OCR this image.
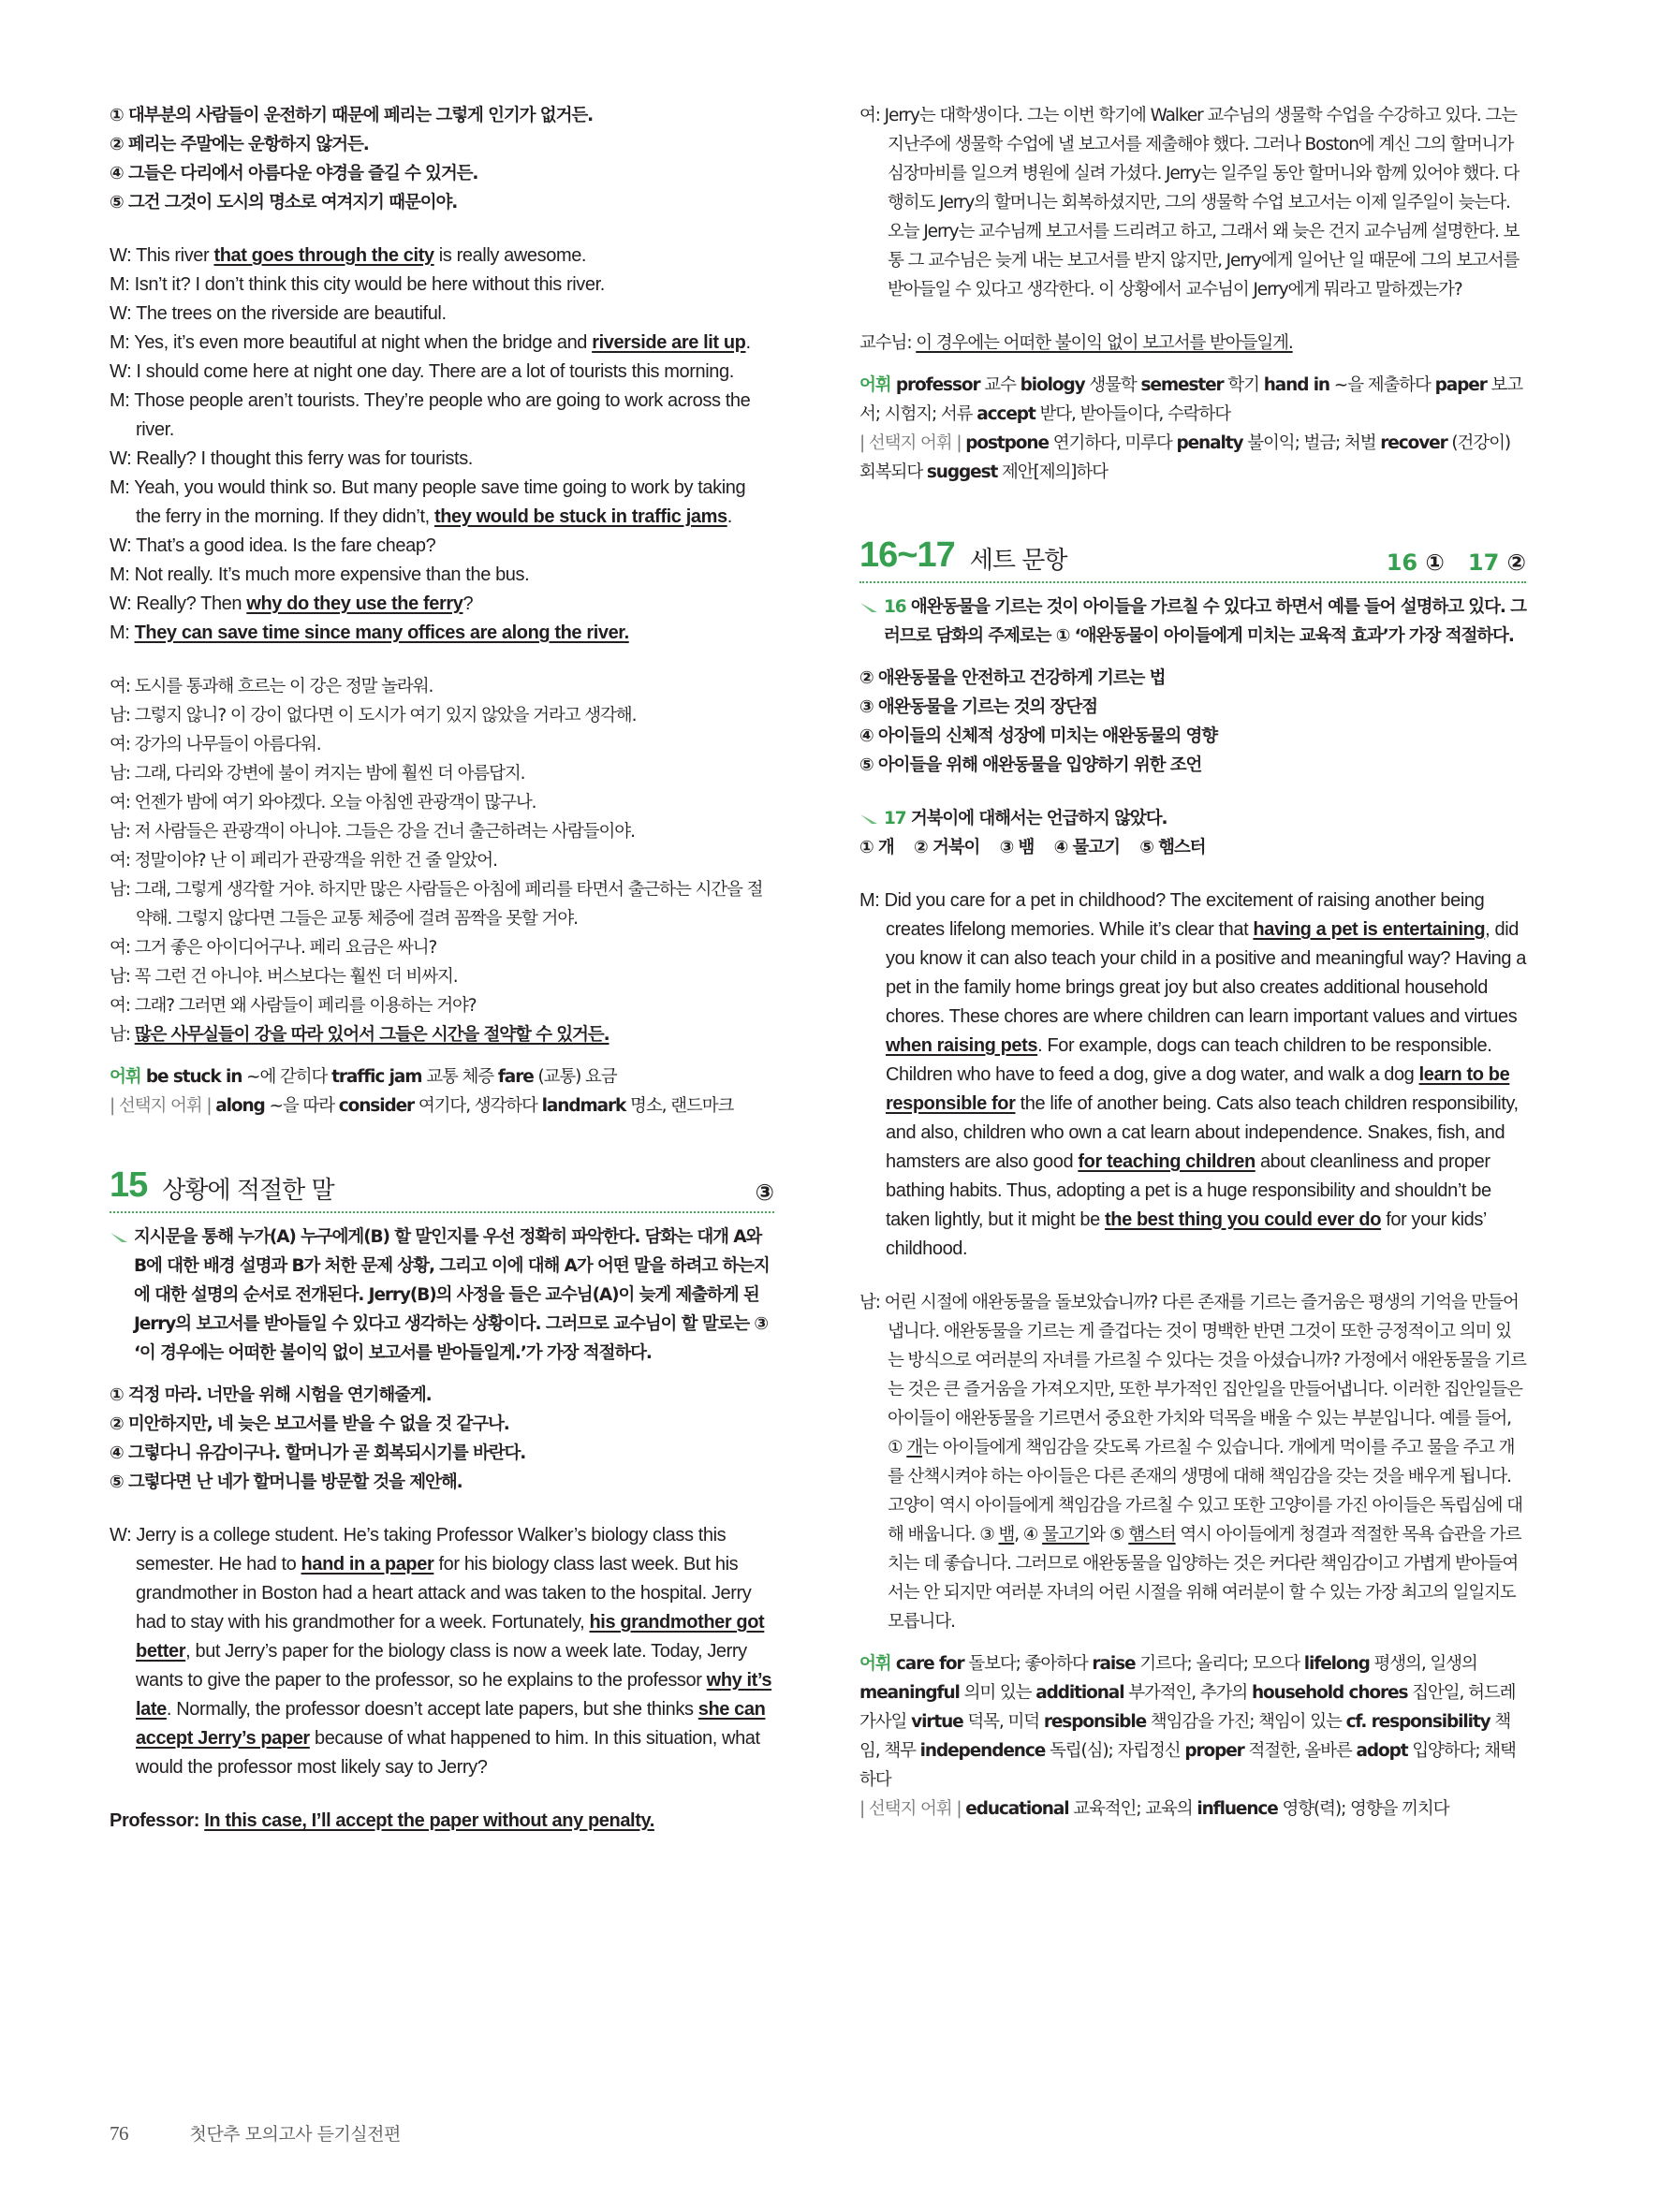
① 대부분의 사람들이 운전하기 때문에 페리는 그렇게 인기가 없거든.
② 페리는 주말에는 운항하지 않거든.
④ 그들은 다리에서 아름다운 야경을 즐길 수 있거든.
⑤ 그건 그것이 도시의 명소로 여겨지기 때문이야.
W: This river that goes through the city is really awesome.
M: Isn’t it? I don’t think this city would be here without this river.
W: The trees on the riverside are beautiful.
M: Yes, it’s even more beautiful at night when the bridge and riverside are lit up.
W: I should come here at night one day. There are a lot of tourists this morning.
M: Those people aren’t tourists. They’re people who are going to work across the river.
W: Really? I thought this ferry was for tourists.
M: Yeah, you would think so. But many people save time going to work by taking the ferry in the morning. If they didn’t, they would be stuck in traffic jams.
W: That’s a good idea. Is the fare cheap?
M: Not really. It’s much more expensive than the bus.
W: Really? Then why do they use the ferry?
M: They can save time since many offices are along the river.
여: 도시를 통과해 흐르는 이 강은 정말 놀라워.
남: 그렇지 않니? 이 강이 없다면 이 도시가 여기 있지 않았을 거라고 생각해.
여: 강가의 나무들이 아름다워.
남: 그래, 다리와 강변에 불이 켜지는 밤에 훨씬 더 아름답지.
여: 언젠가 밤에 여기 와야겠다. 오늘 아침엔 관광객이 많구나.
남: 저 사람들은 관광객이 아니야. 그들은 강을 건너 출근하려는 사람들이야.
여: 정말이야? 난 이 페리가 관광객을 위한 건 줄 알았어.
남: 그래, 그렇게 생각할 거야. 하지만 많은 사람들은 아침에 페리를 타면서 출근하는 시간을 절약해. 그렇지 않다면 그들은 교통 체증에 걸려 꼼짝을 못할 거야.
여: 그거 좋은 아이디어구나. 페리 요금은 싸니?
남: 꼭 그런 건 아니야. 버스보다는 훨씬 더 비싸지.
여: 그래? 그러면 왜 사람들이 페리를 이용하는 거야?
남: 많은 사무실들이 강을 따라 있어서 그들은 시간을 절약할 수 있거든.
어휘 be stuck in ~에 갇히다 traffic jam 교통 체증 fare (교통) 요금
| 선택지 어휘 | along ~을 따라 consider 여기다, 생각하다 landmark 명소, 랜드마크
15 상황에 적절한 말	③
지시문을 통해 누가(A) 누구에게(B) 할 말인지를 우선 정확히 파악한다. 담화는 대개 A와 B에 대한 배경 설명과 B가 처한 문제 상황, 그리고 이에 대해 A가 어떤 말을 하려고 하는지에 대한 설명의 순서로 전개된다. Jerry(B)의 사정을 들은 교수님(A)이 늦게 제출하게 된 Jerry의 보고서를 받아들일 수 있다고 생각하는 상황이다. 그러므로 교수님이 할 말로는 ③ ‘이 경우에는 어떠한 불이익 없이 보고서를 받아들일게.’가 가장 적절하다.
① 걱정 마라. 너만을 위해 시험을 연기해줄게.
② 미안하지만, 네 늦은 보고서를 받을 수 없을 것 같구나.
④ 그렇다니 유감이구나. 할머니가 곧 회복되시기를 바란다.
⑤ 그렇다면 난 네가 할머니를 방문할 것을 제안해.
W: Jerry is a college student. He’s taking Professor Walker’s biology class this semester. He had to hand in a paper for his biology class last week. But his grandmother in Boston had a heart attack and was taken to the hospital. Jerry had to stay with his grandmother for a week. Fortunately, his grandmother got better, but Jerry’s paper for the biology class is now a week late. Today, Jerry wants to give the paper to the professor, so he explains to the professor why it’s late. Normally, the professor doesn’t accept late papers, but she thinks she can accept Jerry’s paper because of what happened to him. In this situation, what would the professor most likely say to Jerry?
Professor: In this case, I’ll accept the paper without any penalty.
여: Jerry는 대학생이다. 그는 이번 학기에 Walker 교수님의 생물학 수업을 수강하고 있다. 그는 지난주에 생물학 수업에 낼 보고서를 제출해야 했다. 그러나 Boston에 계신 그의 할머니가 심장마비를 일으켜 병원에 실려 가셨다. Jerry는 일주일 동안 할머니와 함께 있어야 했다. 다행히도 Jerry의 할머니는 회복하셨지만, 그의 생물학 수업 보고서는 이제 일주일이 늦는다. 오늘 Jerry는 교수님께 보고서를 드리려고 하고, 그래서 왜 늦은 건지 교수님께 설명한다. 보통 그 교수님은 늦게 내는 보고서를 받지 않지만, Jerry에게 일어난 일 때문에 그의 보고서를 받아들일 수 있다고 생각한다. 이 상황에서 교수님이 Jerry에게 뭐라고 말하겠는가?
교수님: 이 경우에는 어떠한 불이익 없이 보고서를 받아들일게.
어휘 professor 교수 biology 생물학 semester 학기 hand in ~을 제출하다 paper 보고서; 시험지; 서류 accept 받다, 받아들이다, 수락하다
| 선택지 어휘 | postpone 연기하다, 미루다 penalty 불이익; 벌금; 처벌 recover (건강이) 회복되다 suggest 제안[제의]하다
16~17 세트 문항	16 ① 17 ②
16 애완동물을 기르는 것이 아이들을 가르칠 수 있다고 하면서 예를 들어 설명하고 있다. 그러므로 담화의 주제로는 ① ‘애완동물이 아이들에게 미치는 교육적 효과’가 가장 적절하다.
② 애완동물을 안전하고 건강하게 기르는 법
③ 애완동물을 기르는 것의 장단점
④ 아이들의 신체적 성장에 미치는 애완동물의 영향
⑤ 아이들을 위해 애완동물을 입양하기 위한 조언
17 거북이에 대해서는 언급하지 않았다.
① 개    ② 거북이    ③ 뱀    ④ 물고기    ⑤ 햄스터
M: Did you care for a pet in childhood? The excitement of raising another being creates lifelong memories. While it’s clear that having a pet is entertaining, did you know it can also teach your child in a positive and meaningful way? Having a pet in the family home brings great joy but also creates additional household chores. These chores are where children can learn important values and virtues when raising pets. For example, dogs can teach children to be responsible. Children who have to feed a dog, give a dog water, and walk a dog learn to be responsible for the life of another being. Cats also teach children responsibility, and also, children who own a cat learn about independence. Snakes, fish, and hamsters are also good for teaching children about cleanliness and proper bathing habits. Thus, adopting a pet is a huge responsibility and shouldn’t be taken lightly, but it might be the best thing you could ever do for your kids’ childhood.
남: 어린 시절에 애완동물을 돌보았습니까? 다른 존재를 기르는 즐거움은 평생의 기억을 만들어냅니다. 애완동물을 기르는 게 즐겁다는 것이 명백한 반면 그것이 또한 긍정적이고 의미 있는 방식으로 여러분의 자녀를 가르칠 수 있다는 것을 아셨습니까? 가정에서 애완동물을 기르는 것은 큰 즐거움을 가져오지만, 또한 부가적인 집안일을 만들어냅니다. 이러한 집안일들은 아이들이 애완동물을 기르면서 중요한 가치와 덕목을 배울 수 있는 부분입니다. 예를 들어, ① 개는 아이들에게 책임감을 갖도록 가르칠 수 있습니다. 개에게 먹이를 주고 물을 주고 개를 산책시켜야 하는 아이들은 다른 존재의 생명에 대해 책임감을 갖는 것을 배우게 됩니다. 고양이 역시 아이들에게 책임감을 가르칠 수 있고 또한 고양이를 가진 아이들은 독립심에 대해 배웁니다. ③ 뱀, ④ 물고기와 ⑤ 햄스터 역시 아이들에게 청결과 적절한 목욕 습관을 가르치는 데 좋습니다. 그러므로 애완동물을 입양하는 것은 커다란 책임감이고 가볍게 받아들여서는 안 되지만 여러분 자녀의 어린 시절을 위해 여러분이 할 수 있는 가장 최고의 일일지도 모릅니다.
어휘 care for 돌보다; 좋아하다 raise 기르다; 올리다; 모으다 lifelong 평생의, 일생의 meaningful 의미 있는 additional 부가적인, 추가의 household chores 집안일, 허드레 가사일 virtue 덕목, 미덕 responsible 책임감을 가진; 책임이 있는 cf. responsibility 책임, 책무 independence 독립(심); 자립정신 proper 적절한, 올바른 adopt 입양하다; 채택하다
| 선택지 어휘 | educational 교육적인; 교육의 influence 영향(력); 영향을 끼치다
76	첫단추 모의고사 듣기실전편
